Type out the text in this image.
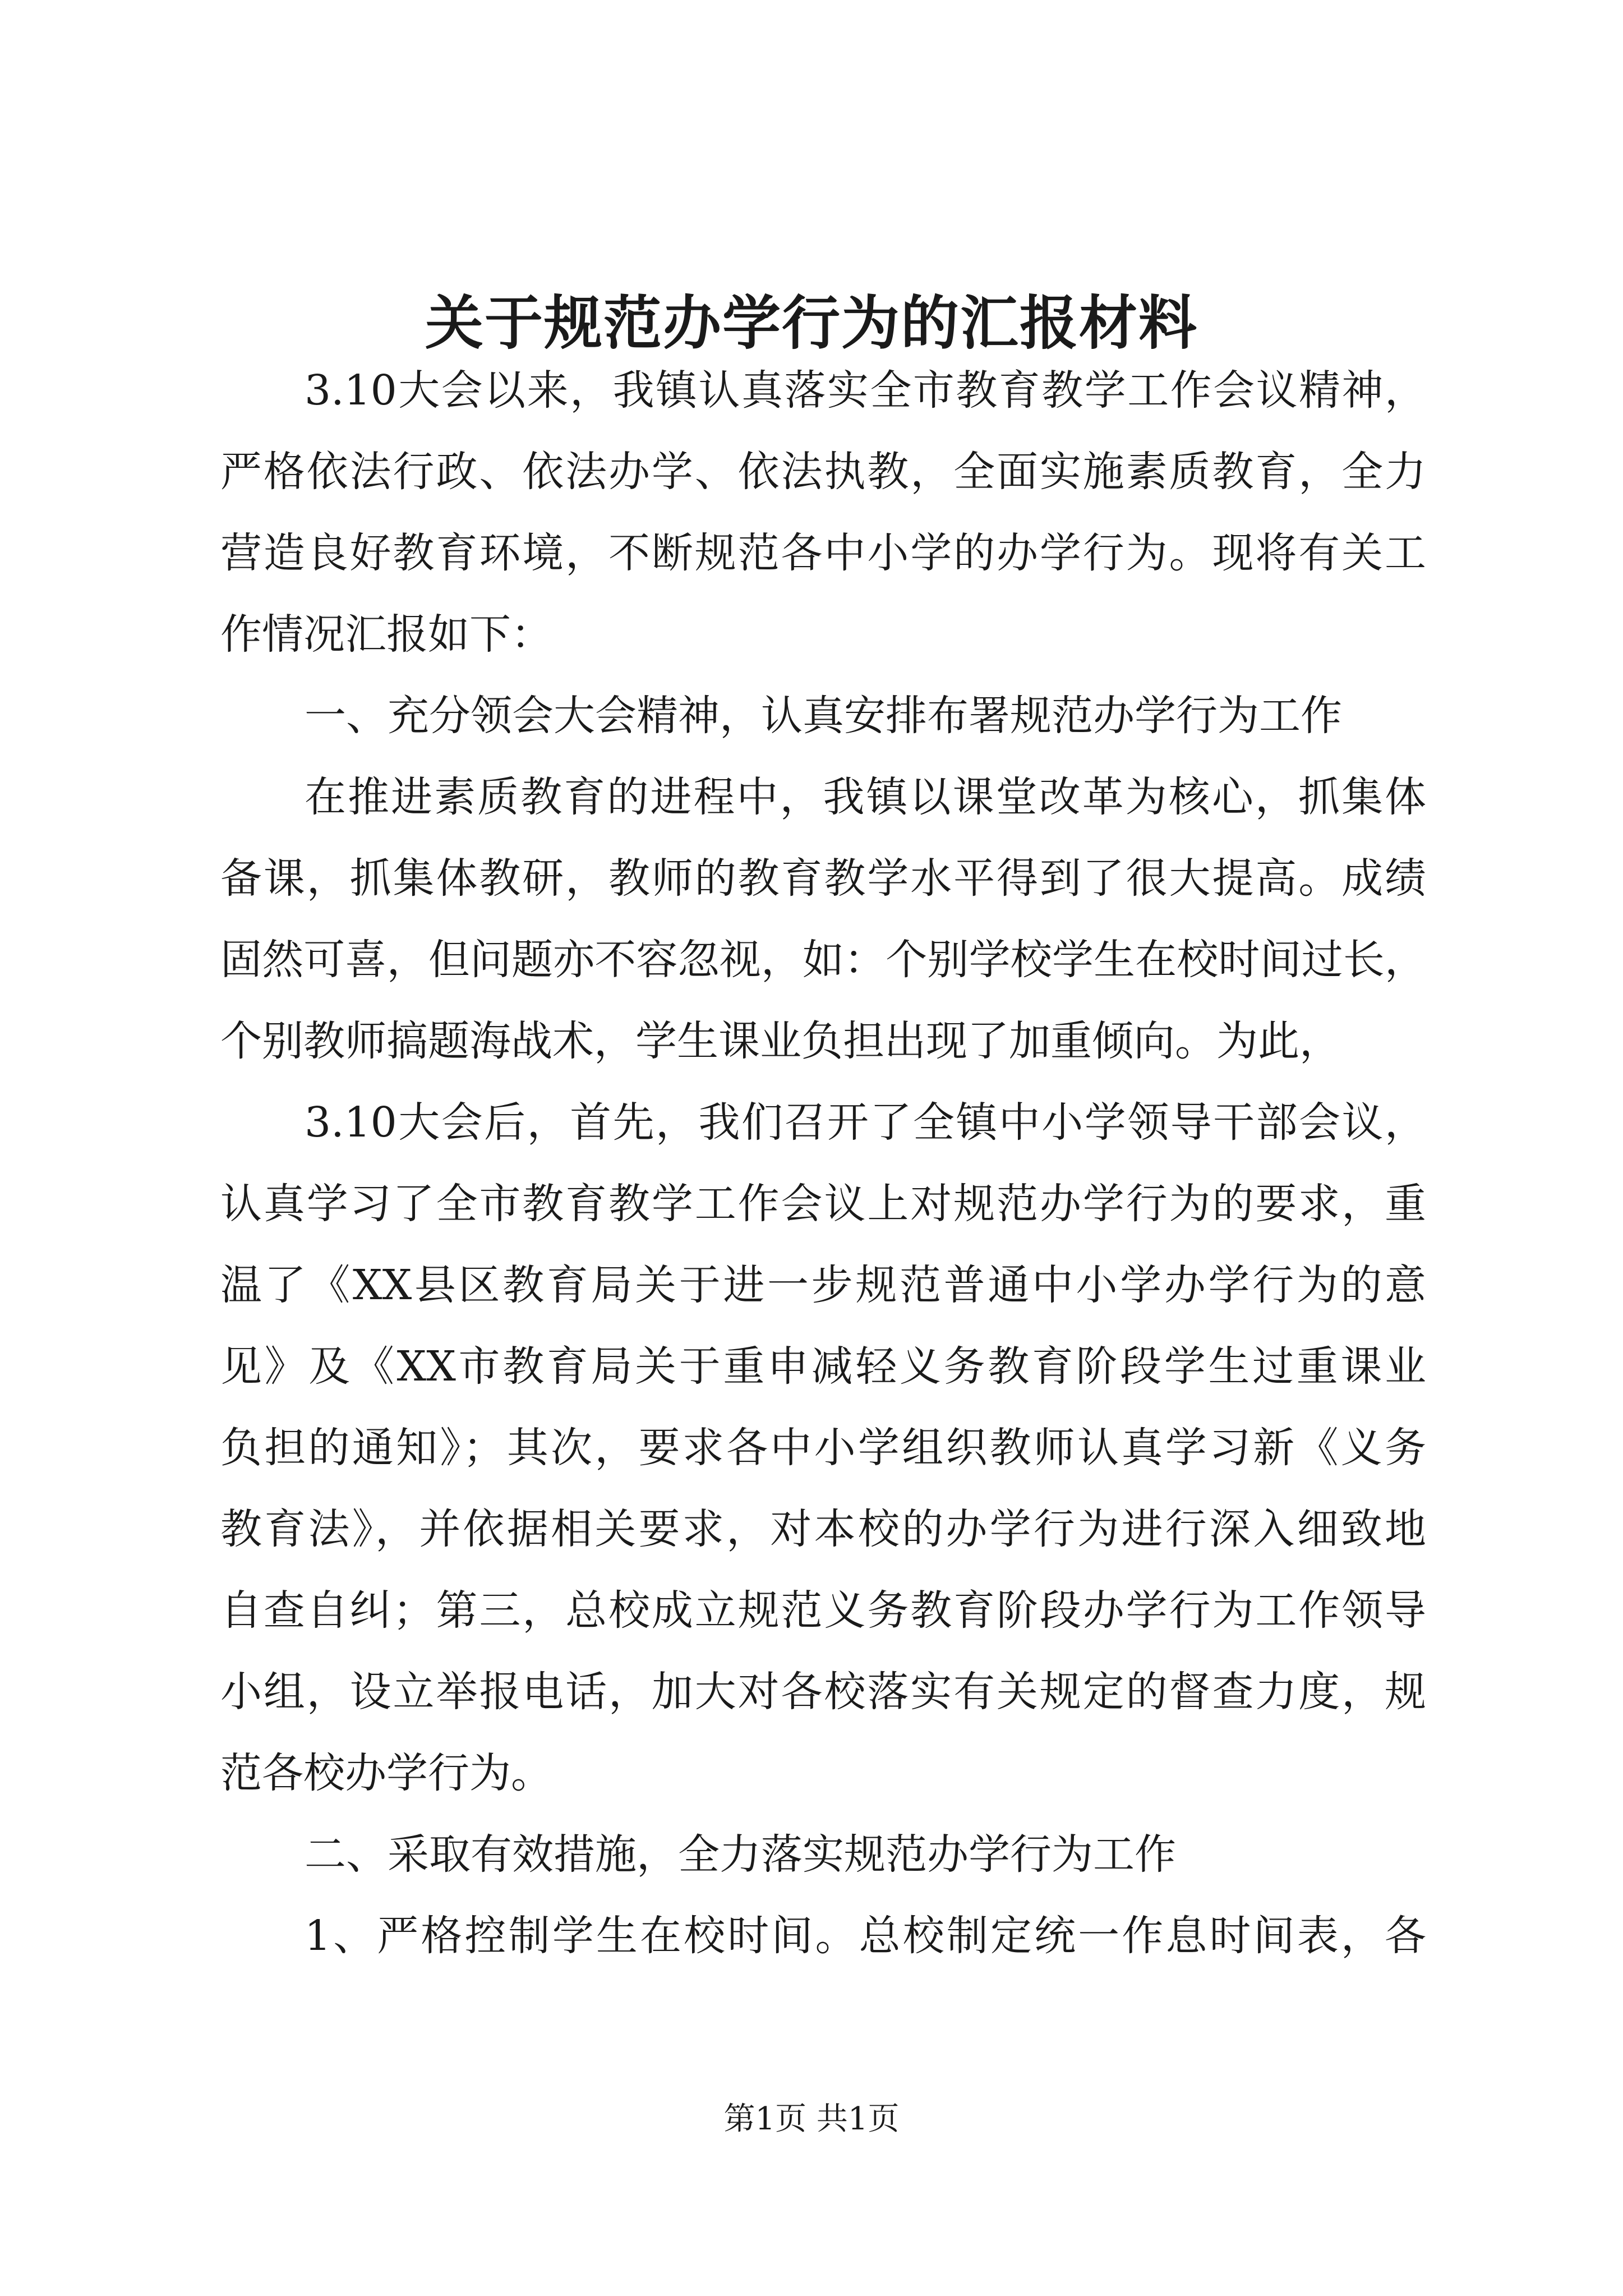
关于规范办学行为的汇报材料
3.10大会以来，我镇认真落实全市教育教学工作会议精神，
严格依法行政、依法办学、依法执教，全面实施素质教育，全力
营造良好教育环境，不断规范各中小学的办学行为。现将有关工
作情况汇报如下：
一、充分领会大会精神，认真安排布署规范办学行为工作
在推进素质教育的进程中，我镇以课堂改革为核心，抓集体
备课，抓集体教研，教师的教育教学水平得到了很大提高。成绩
固然可喜，但问题亦不容忽视，如：个别学校学生在校时间过长，
个别教师搞题海战术，学生课业负担出现了加重倾向。为此，
3.10大会后，首先，我们召开了全镇中小学领导干部会议，
认真学习了全市教育教学工作会议上对规范办学行为的要求，重
温了《XX县区教育局关于进一步规范普通中小学办学行为的意
见》及《XX市教育局关于重申减轻义务教育阶段学生过重课业
负担的通知》；其次，要求各中小学组织教师认真学习新《义务
教育法》，并依据相关要求，对本校的办学行为进行深入细致地
自查自纠；第三，总校成立规范义务教育阶段办学行为工作领导
小组，设立举报电话，加大对各校落实有关规定的督查力度，规
范各校办学行为。
二、采取有效措施，全力落实规范办学行为工作
1、严格控制学生在校时间。总校制定统一作息时间表，各
第1页 共1页
